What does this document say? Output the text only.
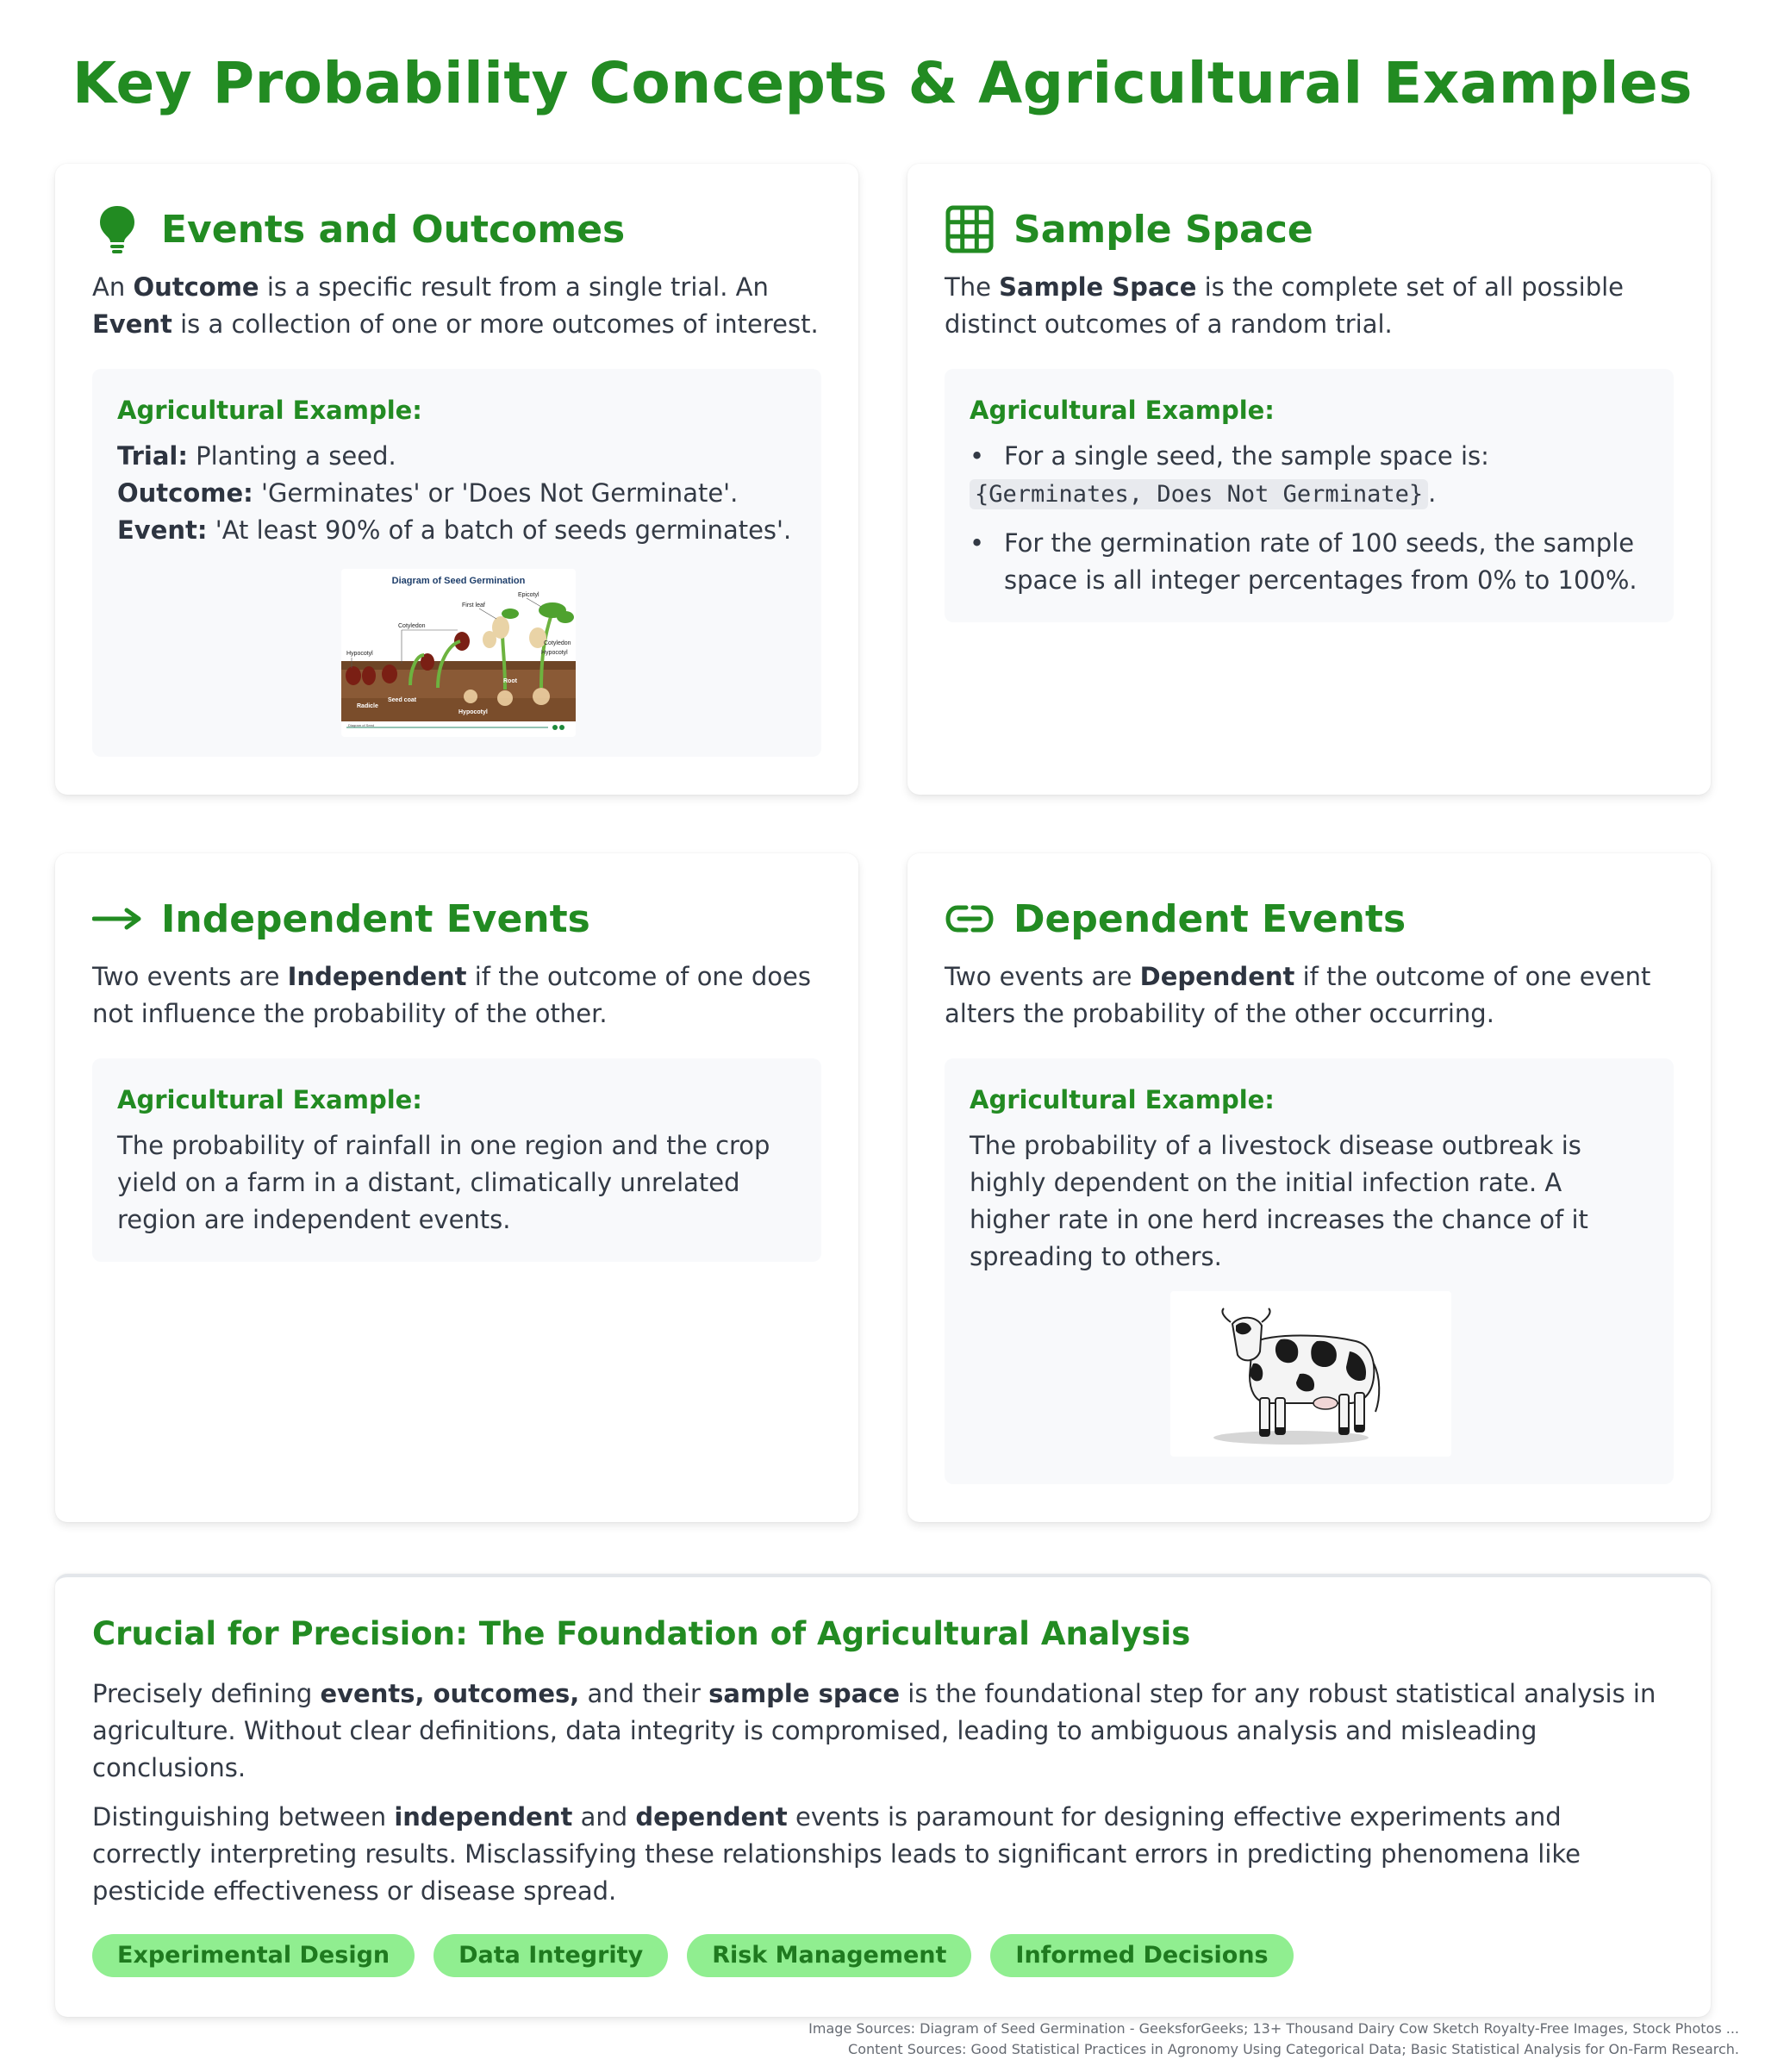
Key Probability Concepts & Agricultural Examples
Events and Outcomes

An Outcome is a specific result from a single trial. An Event is a collection of one or more outcomes of interest.

Agricultural Example:
Trial: Planting a seed.
Outcome: 'Germinates' or 'Does Not Germinate'.
Event: 'At least 90% of a batch of seeds germinates'.
Diagram of Seed Germination
First leaf
Epicotyl
Cotyledon
Hypocotyl
Cotyledon
Hypocotyl
Root
Seed coat
Radicle
Hypocotyl
Diagram of Seed
Sample Space

The Sample Space is the complete set of all possible distinct outcomes of a random trial.

Agricultural Example:
• For a single seed, the sample space is:
{Germinates, Does Not Germinate} .
• For the germination rate of 100 seeds, the sample space is all integer percentages from 0% to 100%.
Independent Events

Two events are Independent if the outcome of one does not influence the probability of the other.

Agricultural Example:
The probability of rainfall in one region and the crop yield on a farm in a distant, climatically unrelated region are independent events.
Dependent Events

Two events are Dependent if the outcome of one event alters the probability of the other occurring.

Agricultural Example:
The probability of a livestock disease outbreak is highly dependent on the initial infection rate. A higher rate in one herd increases the chance of it spreading to others.
Crucial for Precision: The Foundation of Agricultural Analysis

Precisely defining events, outcomes, and their sample space is the foundational step for any robust statistical analysis in agriculture. Without clear definitions, data integrity is compromised, leading to ambiguous analysis and misleading conclusions.

Distinguishing between independent and dependent events is paramount for designing effective experiments and correctly interpreting results. Misclassifying these relationships leads to significant errors in predicting phenomena like pesticide effectiveness or disease spread.

Experimental Design	Data Integrity	Risk Management	Informed Decisions
Image Sources: Diagram of Seed Germination - GeeksforGeeks; 13+ Thousand Dairy Cow Sketch Royalty-Free Images, Stock Photos ...
Content Sources: Good Statistical Practices in Agronomy Using Categorical Data; Basic Statistical Analysis for On-Farm Research.
